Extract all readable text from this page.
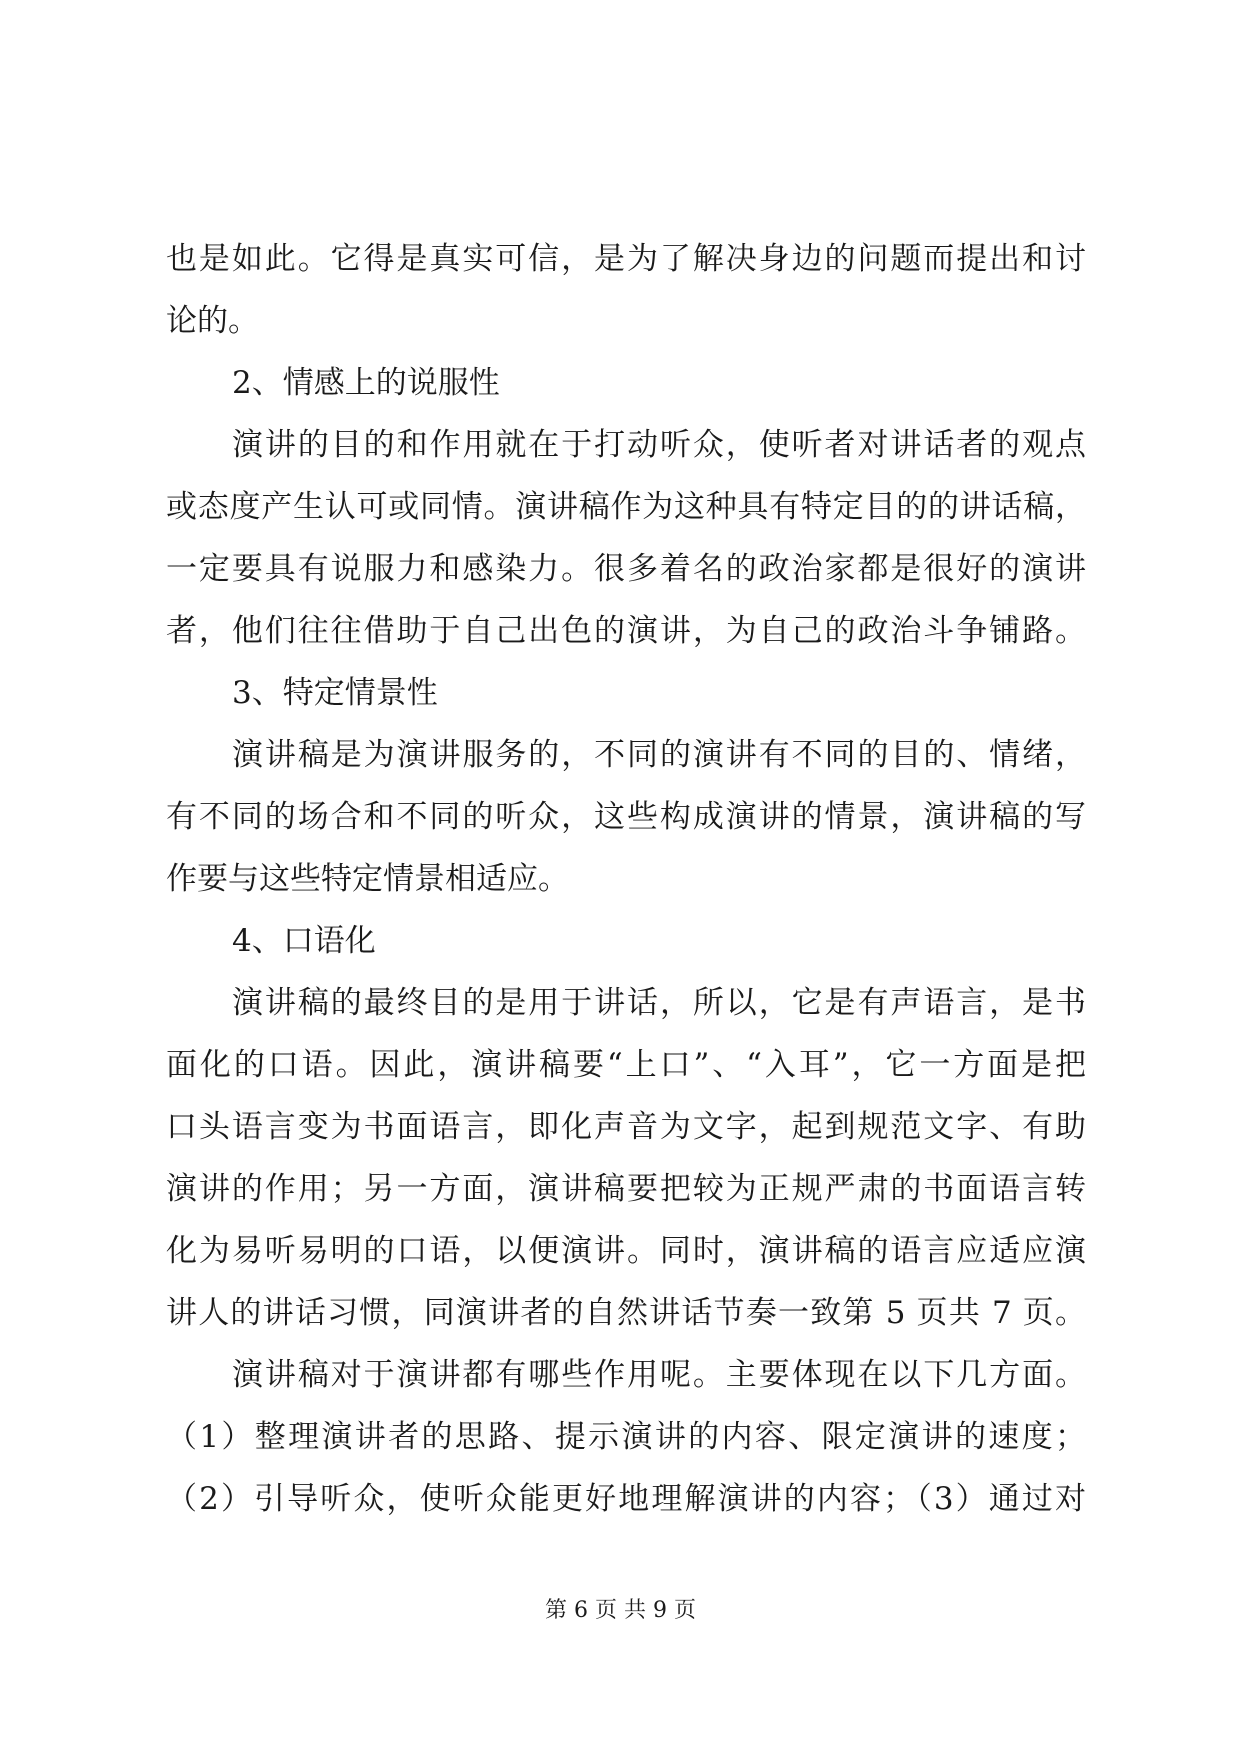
也是如此。它得是真实可信，是为了解决身边的问题而提出和讨
论的。
2、情感上的说服性
演讲的目的和作用就在于打动听众，使听者对讲话者的观点
或态度产生认可或同情。演讲稿作为这种具有特定目的的讲话稿，
一定要具有说服力和感染力。很多着名的政治家都是很好的演讲
者，他们往往借助于自己出色的演讲，为自己的政治斗争铺路。
3、特定情景性
演讲稿是为演讲服务的，不同的演讲有不同的目的、情绪，
有不同的场合和不同的听众，这些构成演讲的情景，演讲稿的写
作要与这些特定情景相适应。
4、口语化
演讲稿的最终目的是用于讲话，所以，它是有声语言，是书
面化的口语。因此，演讲稿要“上口”、“入耳”，它一方面是把
口头语言变为书面语言，即化声音为文字，起到规范文字、有助
演讲的作用；另一方面，演讲稿要把较为正规严肃的书面语言转
化为易听易明的口语，以便演讲。同时，演讲稿的语言应适应演
讲人的讲话习惯，同演讲者的自然讲话节奏一致第 5 页共 7 页。
演讲稿对于演讲都有哪些作用呢。主要体现在以下几方面。
（1）整理演讲者的思路、提示演讲的内容、限定演讲的速度；
（2）引导听众，使听众能更好地理解演讲的内容；（3）通过对
第 6 页 共 9 页
